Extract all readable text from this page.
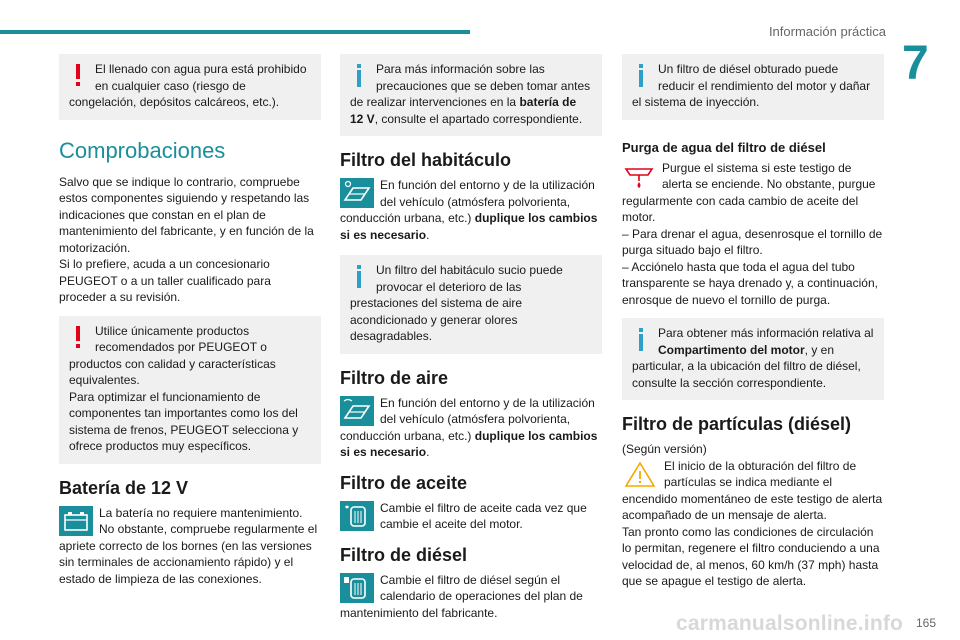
Información práctica
7
El llenado con agua pura está prohibido en cualquier caso (riesgo de congelación, depósitos calcáreos, etc.).
Comprobaciones
Salvo que se indique lo contrario, compruebe estos componentes siguiendo y respetando las indicaciones que constan en el plan de mantenimiento del fabricante, y en función de la motorización.
Si lo prefiere, acuda a un concesionario PEUGEOT o a un taller cualificado para proceder a su revisión.
Utilice únicamente productos recomendados por PEUGEOT o productos con calidad y características equivalentes.
Para optimizar el funcionamiento de componentes tan importantes como los del sistema de frenos, PEUGEOT selecciona y ofrece productos muy específicos.
Batería de 12 V
La batería no requiere mantenimiento. No obstante, compruebe regularmente el apriete correcto de los bornes (en las versiones sin terminales de accionamiento rápido) y el estado de limpieza de las conexiones.
Para más información sobre las precauciones que se deben tomar antes de realizar intervenciones en la batería de 12 V, consulte el apartado correspondiente.
Filtro del habitáculo
En función del entorno y de la utilización del vehículo (atmósfera polvorienta, conducción urbana, etc.) duplique los cambios si es necesario.
Un filtro del habitáculo sucio puede provocar el deterioro de las prestaciones del sistema de aire acondicionado y generar olores desagradables.
Filtro de aire
En función del entorno y de la utilización del vehículo (atmósfera polvorienta, conducción urbana, etc.) duplique los cambios si es necesario.
Filtro de aceite
Cambie el filtro de aceite cada vez que cambie el aceite del motor.
Filtro de diésel
Cambie el filtro de diésel según el calendario de operaciones del plan de mantenimiento del fabricante.
Un filtro de diésel obturado puede reducir el rendimiento del motor y dañar el sistema de inyección.
Purga de agua del filtro de diésel
Purgue el sistema si este testigo de alerta se enciende. No obstante, purgue regularmente con cada cambio de aceite del motor.
– Para drenar el agua, desenrosque el tornillo de purga situado bajo el filtro.
– Acciónelo hasta que toda el agua del tubo transparente se haya drenado y, a continuación, enrosque de nuevo el tornillo de purga.
Para obtener más información relativa al Compartimento del motor, y en particular, a la ubicación del filtro de diésel, consulte la sección correspondiente.
Filtro de partículas (diésel)
(Según versión)
El inicio de la obturación del filtro de partículas se indica mediante el encendido momentáneo de este testigo de alerta acompañado de un mensaje de alerta.
Tan pronto como las condiciones de circulación lo permitan, regenere el filtro conduciendo a una velocidad de, al menos, 60 km/h (37 mph) hasta que se apague el testigo de alerta.
carmanualsonline.info 165
